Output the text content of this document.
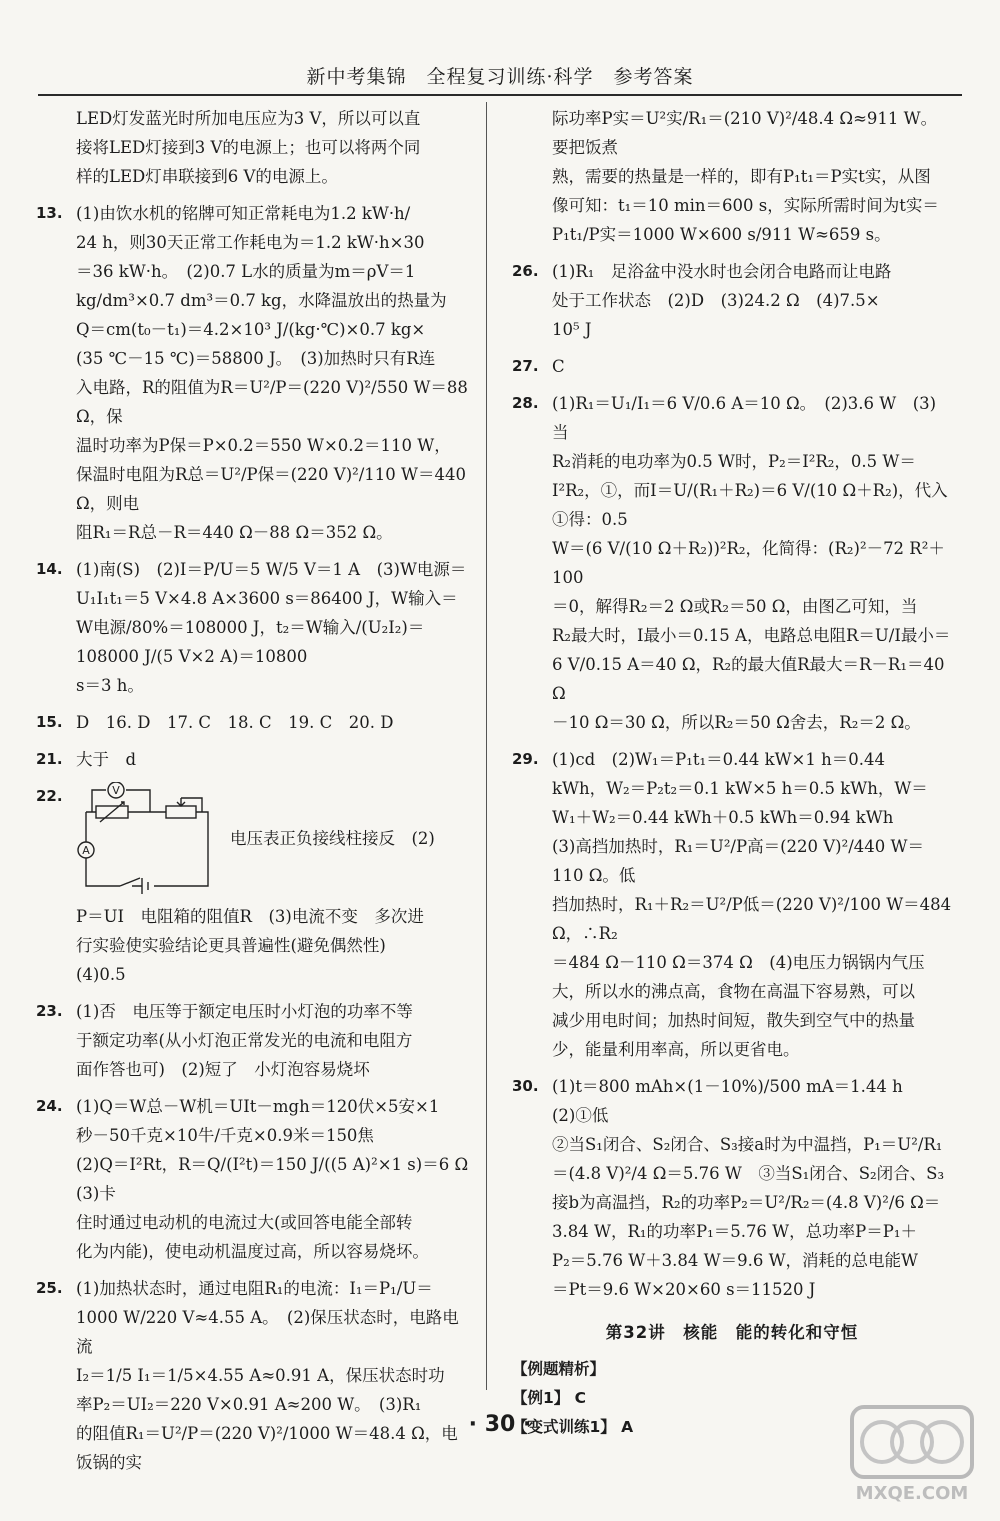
新中考集锦　全程复习训练·科学　参考答案

LED灯发蓝光时所加电压应为3 V，所以可以直

接将LED灯接到3 V的电源上；也可以将两个同

样的LED灯串联接到6 V的电源上。

13. (1)由饮水机的铭牌可知正常耗电为1.2 kW·h/

24 h，则30天正常工作耗电为＝1.2 kW·h×30

＝36 kW·h。　(2)0.7 L水的质量为m＝ρV＝1

kg/dm³×0.7 dm³＝0.7 kg，水降温放出的热量为

Q＝cm(t₀－t₁)＝4.2×10³ J/(kg·℃)×0.7 kg×

(35 ℃－15 ℃)＝58800 J。　(3)加热时只有R连

入电路，R的阻值为R＝U²/P＝(220 V)²/550 W＝88 Ω，保

温时功率为P保＝P×0.2＝550 W×0.2＝110 W，

保温时电阻为R总＝U²/P保＝(220 V)²/110 W＝440 Ω，则电

阻R₁＝R总－R＝440 Ω－88 Ω＝352 Ω。

14. (1)南(S)　(2)I＝P/U＝5 W/5 V＝1 A　(3)W电源＝

U₁I₁t₁＝5 V×4.8 A×3600 s＝86400 J，W输入＝

W电源/80%＝108000 J，t₂＝W输入/(U₂I₂)＝108000 J/(5 V×2 A)＝10800

s＝3 h。

15. D　16. D　17. C　18. C　19. C　20. D

21. 大于　d

22.	V
A
电压表正负接线柱接反　(2)

P＝UI　电阻箱的阻值R　(3)电流不变　多次进

行实验使实验结论更具普遍性(避免偶然性)

(4)0.5

23. (1)否　电压等于额定电压时小灯泡的功率不等

于额定功率(从小灯泡正常发光的电流和电阻方

面作答也可)　(2)短了　小灯泡容易烧坏

24. (1)Q＝W总－W机＝UIt－mgh＝120伏×5安×1

秒－50千克×10牛/千克×0.9米＝150焦

(2)Q＝I²Rt，R＝Q/(I²t)＝150 J/((5 A)²×1 s)＝6 Ω　(3)卡

住时通过电动机的电流过大(或回答电能全部转

化为内能)，使电动机温度过高，所以容易烧坏。

25. (1)加热状态时，通过电阻R₁的电流：I₁＝P₁/U＝

1000 W/220 V≈4.55 A。　(2)保压状态时，电路电流

I₂＝1/5 I₁＝1/5×4.55 A≈0.91 A，保压状态时功

率P₂＝UI₂＝220 V×0.91 A≈200 W。　(3)R₁

的阻值R₁＝U²/P＝(220 V)²/1000 W＝48.4 Ω，电饭锅的实

际功率P实＝U²实/R₁＝(210 V)²/48.4 Ω≈911 W。要把饭煮

熟，需要的热量是一样的，即有P₁t₁＝P实t实，从图

像可知：t₁＝10 min＝600 s，实际所需时间为t实＝

P₁t₁/P实＝1000 W×600 s/911 W≈659 s。

26. (1)R₁　足浴盆中没水时也会闭合电路而让电路

处于工作状态　(2)D　(3)24.2 Ω　(4)7.5×

10⁵ J

27. C

28. (1)R₁＝U₁/I₁＝6 V/0.6 A＝10 Ω。　(2)3.6 W　(3)当

R₂消耗的电功率为0.5 W时，P₂＝I²R₂，0.5 W＝

I²R₂，①，而I＝U/(R₁＋R₂)＝6 V/(10 Ω＋R₂)，代入①得：0.5

W＝(6 V/(10 Ω＋R₂))²R₂，化简得：(R₂)²－72 R²＋100

＝0，解得R₂＝2 Ω或R₂＝50 Ω，由图乙可知，当

R₂最大时，I最小＝0.15 A，电路总电阻R＝U/I最小＝

6 V/0.15 A＝40 Ω，R₂的最大值R最大＝R－R₁＝40 Ω

－10 Ω＝30 Ω，所以R₂＝50 Ω舍去，R₂＝2 Ω。

29. (1)cd　(2)W₁＝P₁t₁＝0.44 kW×1 h＝0.44

kWh，W₂＝P₂t₂＝0.1 kW×5 h＝0.5 kWh，W＝

W₁＋W₂＝0.44 kWh＋0.5 kWh＝0.94 kWh

(3)高挡加热时，R₁＝U²/P高＝(220 V)²/440 W＝110 Ω。低

挡加热时，R₁＋R₂＝U²/P低＝(220 V)²/100 W＝484 Ω，∴R₂

＝484 Ω－110 Ω＝374 Ω　(4)电压力锅锅内气压

大，所以水的沸点高，食物在高温下容易熟，可以

减少用电时间；加热时间短，散失到空气中的热量

少，能量利用率高，所以更省电。

30. (1)t＝800 mAh×(1－10%)/500 mA＝1.44 h　(2)①低

②当S₁闭合、S₂闭合、S₃接a时为中温挡，P₁＝U²/R₁

＝(4.8 V)²/4 Ω＝5.76 W　③当S₁闭合、S₂闭合、S₃

接b为高温挡，R₂的功率P₂＝U²/R₂＝(4.8 V)²/6 Ω＝

3.84 W，R₁的功率P₁＝5.76 W，总功率P＝P₁＋

P₂＝5.76 W＋3.84 W＝9.6 W，消耗的总电能W

＝Pt＝9.6 W×20×60 s＝11520 J

第32讲　核能　能的转化和守恒

【例题精析】

【例1】 C

【变式训练1】 A

· 30 ·
MXQE.COM
